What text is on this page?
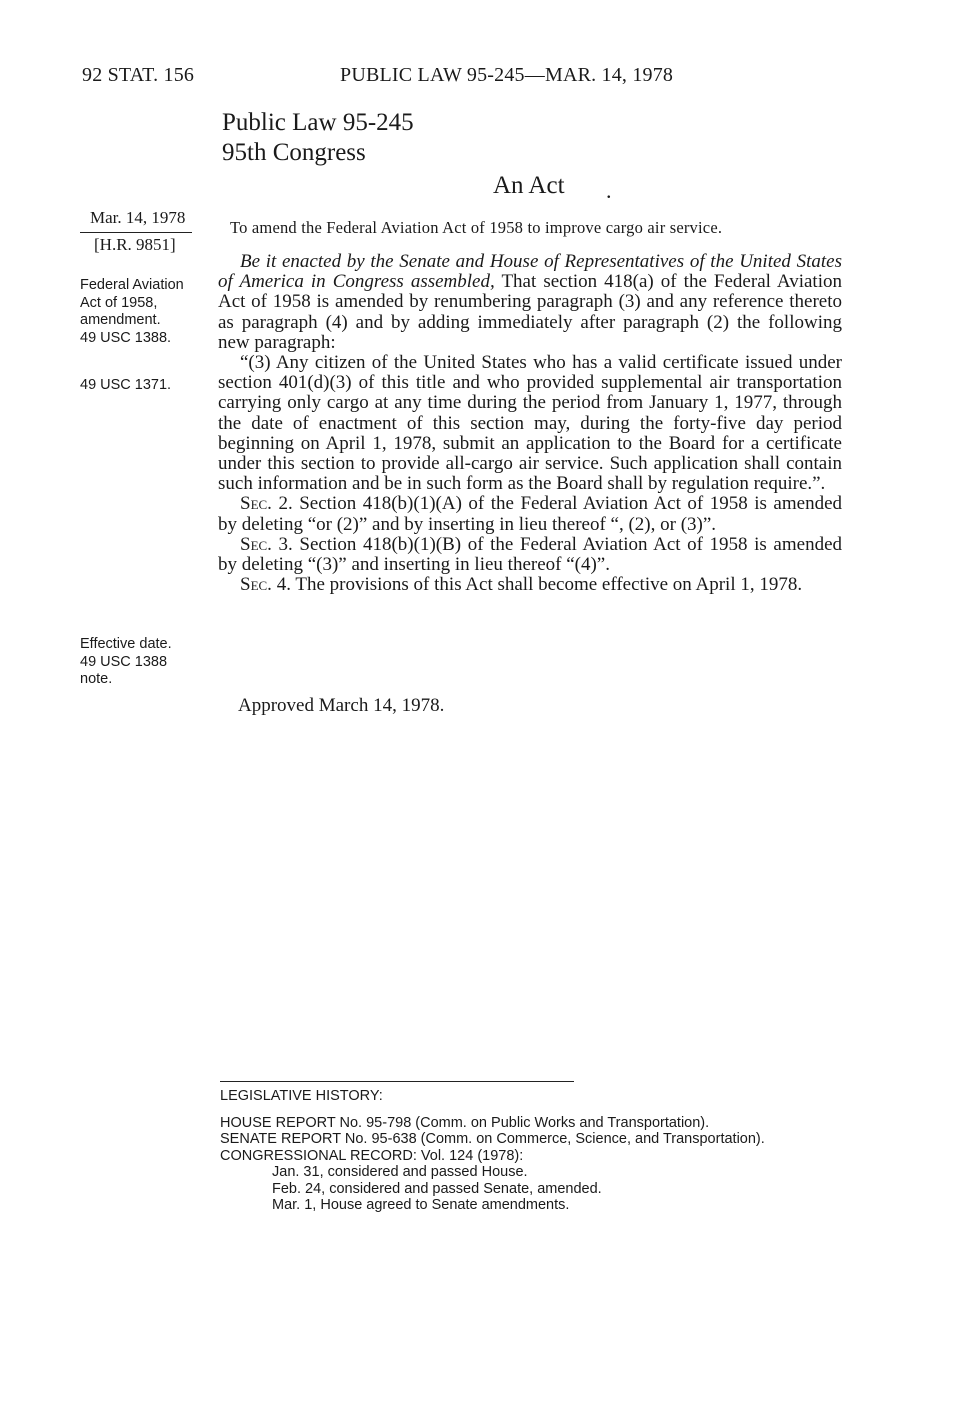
92 STAT. 156	PUBLIC LAW 95-245—MAR. 14, 1978
Public Law 95-245
95th Congress
An Act .
Mar. 14, 1978
[H.R. 9851]
To amend the Federal Aviation Act of 1958 to improve cargo air service.
Federal Aviation
Act of 1958,
amendment.
49 USC 1388.
49 USC 1371.
Effective date.
49 USC 1388
note.

Be it enacted by the Senate and House of Representatives of the United States of America in Congress assembled, That section 418(a) of the Federal Aviation Act of 1958 is amended by renumbering paragraph (3) and any reference thereto as paragraph (4) and by adding immediately after paragraph (2) the following new paragraph:

“(3) Any citizen of the United States who has a valid certificate issued under section 401(d)(3) of this title and who provided supplemental air transportation carrying only cargo at any time during the period from January 1, 1977, through the date of enactment of this section may, during the forty-five day period beginning on April 1, 1978, submit an application to the Board for a certificate under this section to provide all-cargo air service. Such application shall contain such information and be in such form as the Board shall by regulation require.”.

Sec. 2. Section 418(b)(1)(A) of the Federal Aviation Act of 1958 is amended by deleting “or (2)” and by inserting in lieu thereof “, (2), or (3)”.

Sec. 3. Section 418(b)(1)(B) of the Federal Aviation Act of 1958 is amended by deleting “(3)” and inserting in lieu thereof “(4)”.

Sec. 4. The provisions of this Act shall become effective on April 1, 1978.

Approved March 14, 1978.
LEGISLATIVE HISTORY:
HOUSE REPORT No. 95-798 (Comm. on Public Works and Transportation).
SENATE REPORT No. 95-638 (Comm. on Commerce, Science, and Transportation).
CONGRESSIONAL RECORD: Vol. 124 (1978):
Jan. 31, considered and passed House.
Feb. 24, considered and passed Senate, amended.
Mar. 1, House agreed to Senate amendments.
